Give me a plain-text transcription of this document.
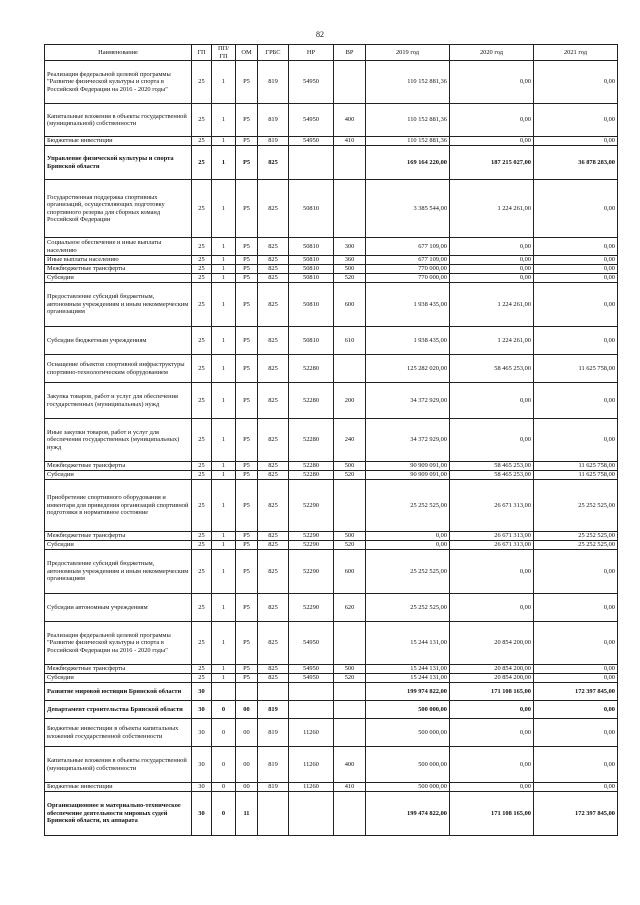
82
Наименование	ГП	ПП/ГП	ОМ	ГРБС	НР	ВР	2019 год	2020 год	2021 год
Реализация федеральной целевой программы "Развитие физической культуры и спорта в Российской Федерации на 2016 - 2020 годы"	25	1	P5	819	54950		110 152 881,36	0,00	0,00
Капитальные вложения в объекты государственной (муниципальной) собственности	25	1	P5	819	54950	400	110 152 881,36	0,00	0,00
Бюджетные инвестиции	25	1	P5	819	54950	410	110 152 881,36	0,00	0,00
Управление физической культуры и спорта Брянской области	25	1	P5	825			169 164 220,00	187 215 027,00	36 878 283,00
Государственная поддержка спортивных организаций, осуществляющих подготовку спортивного резерва для сборных команд Российской Федерации	25	1	P5	825	50810		3 385 544,00	1 224 261,00	0,00
Социальное обеспечение и иные выплаты населению	25	1	P5	825	50810	300	677 109,00	0,00	0,00
Иные выплаты населению	25	1	P5	825	50810	360	677 109,00	0,00	0,00
Межбюджетные трансферты	25	1	P5	825	50810	500	770 000,00	0,00	0,00
Субсидии	25	1	P5	825	50810	520	770 000,00	0,00	0,00
Предоставление субсидий бюджетным, автономным учреждениям и иным некоммерческим организациям	25	1	P5	825	50810	600	1 938 435,00	1 224 261,00	0,00
Субсидии бюджетным учреждениям	25	1	P5	825	50810	610	1 938 435,00	1 224 261,00	0,00
Оснащение объектов спортивной инфраструктуры спортивно-технологическим оборудованием	25	1	P5	825	52280		125 282 020,00	58 465 253,00	11 625 758,00
Закупка товаров, работ и услуг для обеспечения государственных (муниципальных) нужд	25	1	P5	825	52280	200	34 372 929,00	0,00	0,00
Иные закупки товаров, работ и услуг для обеспечения государственных (муниципальных) нужд	25	1	P5	825	52280	240	34 372 929,00	0,00	0,00
Межбюджетные трансферты	25	1	P5	825	52280	500	90 909 091,00	58 465 253,00	11 625 758,00
Субсидии	25	1	P5	825	52280	520	90 909 091,00	58 465 253,00	11 625 758,00
Приобретение спортивного оборудования и инвентаря для приведения организаций спортивной подготовки в нормативное состояние	25	1	P5	825	52290		25 252 525,00	26 671 313,00	25 252 525,00
Межбюджетные трансферты	25	1	P5	825	52290	500	0,00	26 671 313,00	25 252 525,00
Субсидии	25	1	P5	825	52290	520	0,00	26 671 313,00	25 252 525,00
Предоставление субсидий бюджетным, автономным учреждениям и иным некоммерческим организациям	25	1	P5	825	52290	600	25 252 525,00	0,00	0,00
Субсидии автономным учреждениям	25	1	P5	825	52290	620	25 252 525,00	0,00	0,00
Реализация федеральной целевой программы "Развитие физической культуры и спорта в Российской Федерации на 2016 - 2020 годы"	25	1	P5	825	54950		15 244 131,00	20 854 200,00	0,00
Межбюджетные трансферты	25	1	P5	825	54950	500	15 244 131,00	20 854 200,00	0,00
Субсидии	25	1	P5	825	54950	520	15 244 131,00	20 854 200,00	0,00
Развитие мировой юстиции Брянской области	30						199 974 822,00	171 108 165,00	172 397 845,00
Департамент строительства Брянской области	30	0	00	819			500 000,00	0,00	0,00
Бюджетные инвестиции в объекты капитальных вложений государственной собственности	30	0	00	819	11260		500 000,00	0,00	0,00
Капитальные вложения в объекты государственной (муниципальной) собственности	30	0	00	819	11260	400	500 000,00	0,00	0,00
Бюджетные инвестиции	30	0	00	819	11260	410	500 000,00	0,00	0,00
Организационное и материально-техническое обеспечение деятельности мировых судей Брянской области, их аппарата	30	0	11				199 474 822,00	171 108 165,00	172 397 845,00
